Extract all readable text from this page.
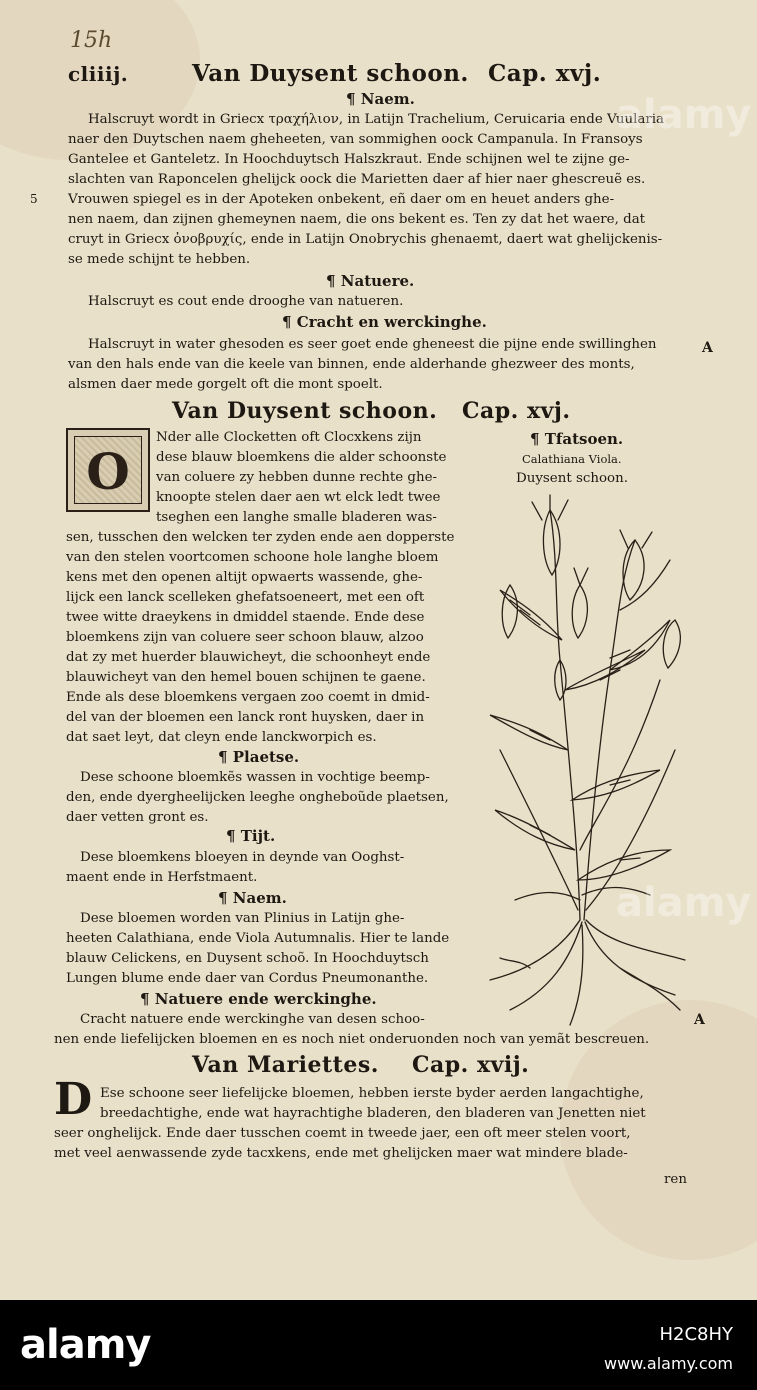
15h
cliiij.	Van Duysent schoon. Cap. xvj.
¶ Naem.
Halscruyt wordt in Griecx τραχήλιον, in Latijn Trachelium, Ceruicaria ende Vuularia
naer den Duytschen naem gheheeten, van sommighen oock Campanula. In Fransoys
Gantelee et Ganteletz. In Hoochduytsch Halszkraut. Ende schijnen wel te zijne ge-
slachten van Raponcelen ghelijck oock die Marietten daer af hier naer ghescreuẽ es.
5 Vrouwen spiegel es in der Apoteken onbekent, eñ daer om en heuet anders ghe-
nen naem, dan zijnen ghemeynen naem, die ons bekent es. Ten zy dat het waere, dat
cruyt in Griecx ὀνοβρυχίς, ende in Latijn Onobrychis ghenaemt, daert wat ghelijckenis-
se mede schijnt te hebben.
¶ Natuere.
Halscruyt es cout ende drooghe van natueren.
¶ Cracht en werckinghe.
Halscruyt in water ghesoden es seer goet ende gheneest die pijne ende swillinghen
van den hals ende van die keele van binnen, ende alderhande ghezweer des monts,
alsmen daer mede gorgelt oft die mont spoelt.
A
Van Duysent schoon. Cap. xvj.
O
Nder alle Clocketten oft Clocxkens zijn
dese blauw bloemkens die alder schoonste
van coluere zy hebben dunne rechte ghe-
knoopte stelen daer aen wt elck ledt twee
tseghen een langhe smalle bladeren was-
sen, tusschen den welcken ter zyden ende aen dopperste
van den stelen voortcomen schoone hole langhe bloem
kens met den openen altijt opwaerts wassende, ghe-
lijck een lanck scelleken ghefatsoeneert, met een oft
twee witte draeykens in dmiddel staende. Ende dese
bloemkens zijn van coluere seer schoon blauw, alzoo
dat zy met huerder blauwicheyt, die schoonheyt ende
blauwicheyt van den hemel bouen schijnen te gaene.
Ende als dese bloemkens vergaen zoo coemt in dmid-
del van der bloemen een lanck ront huysken, daer in
dat saet leyt, dat cleyn ende lanckworpich es.
¶ Tfatsoen.
Calathiana Viola.
Duysent schoon.
¶ Plaetse.
Dese schoone bloemkẽs wassen in vochtige beemp-
den, ende dyergheelijcken leeghe ongheboũde plaetsen,
daer vetten gront es.
¶ Tijt.
Dese bloemkens bloeyen in deynde van Ooghst-
maent ende in Herfstmaent.
¶ Naem.
Dese bloemen worden van Plinius in Latijn ghe-
heeten Calathiana, ende Viola Autumnalis. Hier te lande
blauw Celickens, en Duysent schoõ. In Hoochduytsch
Lungen blume ende daer van Cordus Pneumonanthe.
¶ Natuere ende werckinghe.
Cracht natuere ende werckinghe van desen schoo-
nen ende liefelijcken bloemen en es noch niet onderuonden noch van yemãt bescreuen.
A
Van Mariettes. Cap. xvij.
D Ese schoone seer liefelijcke bloemen, hebben ierste byder aerden langachtighe,
breedachtighe, ende wat hayrachtighe bladeren, den bladeren van Jenetten niet
seer onghelijck. Ende daer tusschen coemt in tweede jaer, een oft meer stelen voort,
met veel aenwassende zyde tacxkens, ende met ghelijcken maer wat mindere blade-
ren
alamy
alamy
alamy	H2C8HY
www.alamy.com
